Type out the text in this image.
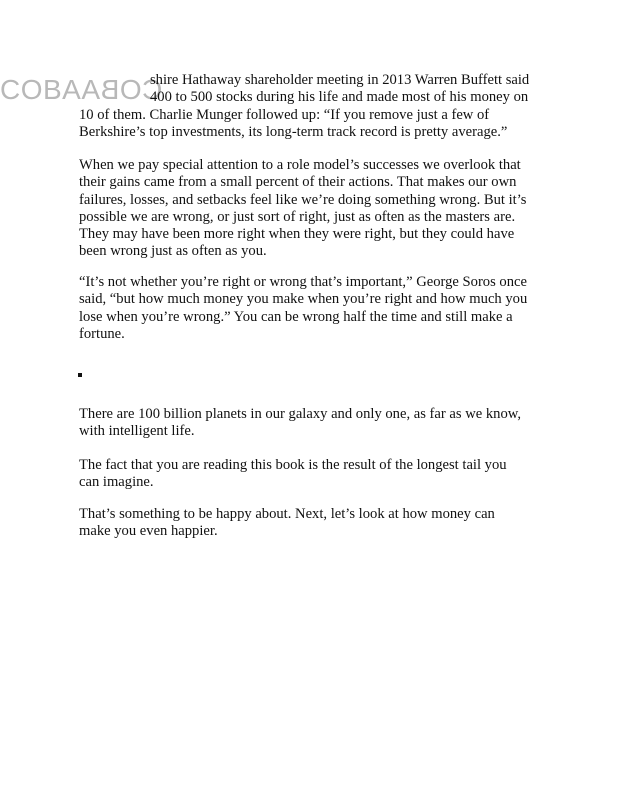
COBACOBA

shire Hathaway shareholder meeting in 2013 Warren Buffett said
400 to 500 stocks during his life and made most of his money on
10 of them. Charlie Munger followed up: “If you remove just a few of
Berkshire’s top investments, its long-term track record is pretty average.”

When we pay special attention to a role model’s successes we overlook that
their gains came from a small percent of their actions. That makes our own
failures, losses, and setbacks feel like we’re doing something wrong. But it’s
possible we are wrong, or just sort of right, just as often as the masters are.
They may have been more right when they were right, but they could have
been wrong just as often as you.

“It’s not whether you’re right or wrong that’s important,” George Soros once
said, “but how much money you make when you’re right and how much you
lose when you’re wrong.” You can be wrong half the time and still make a
fortune.

There are 100 billion planets in our galaxy and only one, as far as we know,
with intelligent life.

The fact that you are reading this book is the result of the longest tail you
can imagine.

That’s something to be happy about. Next, let’s look at how money can
make you even happier.
